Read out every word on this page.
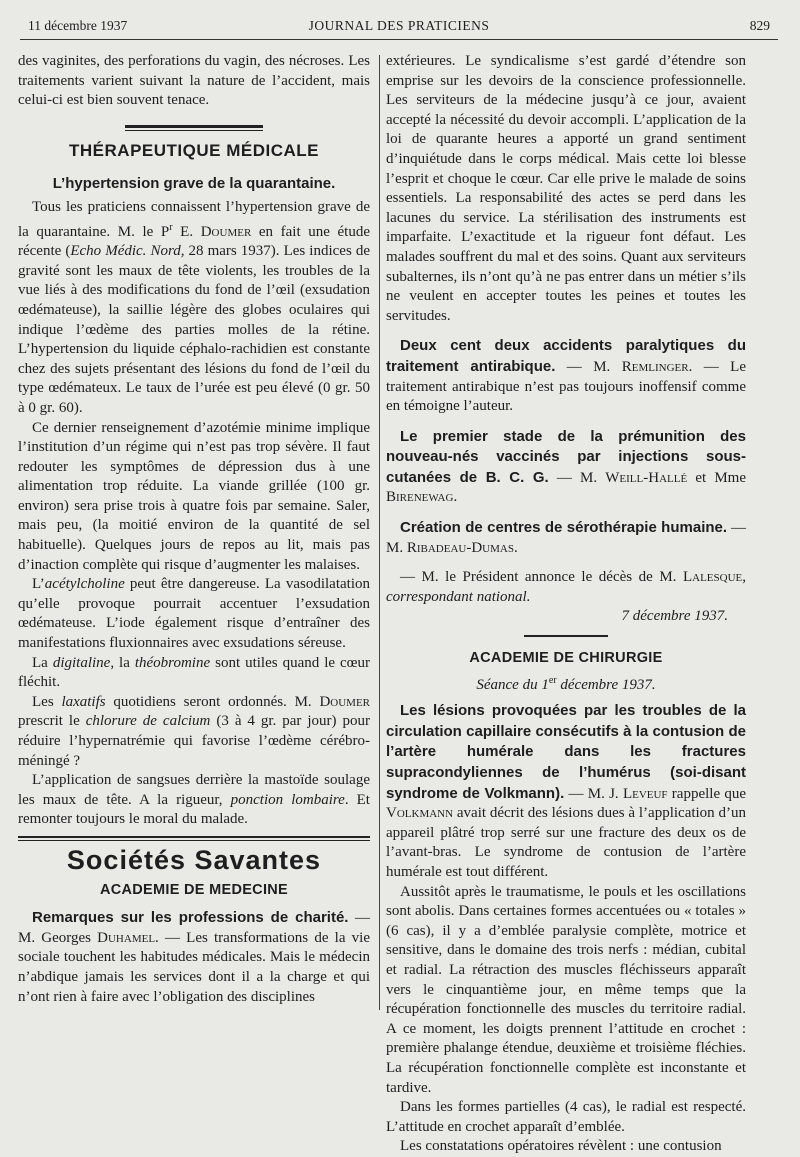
11 décembre 1937	JOURNAL DES PRATICIENS	829

des vaginites, des perforations du vagin, des nécroses. Les traitements varient suivant la nature de l’accident, mais celui-ci est bien souvent tenace.

THÉRAPEUTIQUE MÉDICALE

L’hypertension grave de la quarantaine.

Tous les praticiens connaissent l’hypertension grave de la quarantaine. M. le $P^r$ E. Doumer en fait une étude récente (Echo Médic. Nord, 28 mars 1937). Les indices de gravité sont les maux de tête violents, les troubles de la vue liés à des modifications du fond de l’œil (exsudation œdémateuse), la saillie légère des globes oculaires qui indique l’œdème des parties molles de la rétine. L’hypertension du liquide céphalo-rachidien est constante chez des sujets présentant des lésions du fond de l’œil du type œdémateux. Le taux de l’urée est peu élevé (0 gr. 50 à 0 gr. 60).

Ce dernier renseignement d’azotémie minime implique l’institution d’un régime qui n’est pas trop sévère. Il faut redouter les symptômes de dépression dus à une alimentation trop réduite. La viande grillée (100 gr. environ) sera prise trois à quatre fois par semaine. Saler, mais peu, (la moitié environ de la quantité de sel habituelle). Quelques jours de repos au lit, mais pas d’inaction complète qui risque d’augmenter les malaises.

L’acétylcholine peut être dangereuse. La vasodilatation qu’elle provoque pourrait accentuer l’exsudation œdémateuse. L’iode également risque d’entraîner des manifestations fluxionnaires avec exsudations séreuse.

La digitaline, la théobromine sont utiles quand le cœur fléchit.

Les laxatifs quotidiens seront ordonnés. M. Doumer prescrit le chlorure de calcium (3 à 4 gr. par jour) pour réduire l’hypernatrémie qui favorise l’œdème cérébro-méningé ?

L’application de sangsues derrière la mastoïde soulage les maux de tête. A la rigueur, ponction lombaire. Et remonter toujours le moral du malade.

Sociétés Savantes
ACADEMIE DE MEDECINE

Remarques sur les professions de charité. — M. Georges Duhamel. — Les transformations de la vie sociale touchent les habitudes médicales. Mais le médecin n’abdique jamais les services dont il a la charge et qui n’ont rien à faire avec l’obligation des disciplines

extérieures. Le syndicalisme s’est gardé d’étendre son emprise sur les devoirs de la conscience professionnelle. Les serviteurs de la médecine jusqu’à ce jour, avaient accepté la nécessité du devoir accompli. L’application de la loi de quarante heures a apporté un grand sentiment d’inquiétude dans le corps médical. Mais cette loi blesse l’esprit et choque le cœur. Car elle prive le malade de soins essentiels. La responsabilité des actes se perd dans les lacunes du service. La stérilisation des instruments est imparfaite. L’exactitude et la rigueur font défaut. Les malades souffrent du mal et des soins. Quant aux serviteurs subalternes, ils n’ont qu’à ne pas entrer dans un métier s’ils ne veulent en accepter toutes les peines et toutes les servitudes.

Deux cent deux accidents paralytiques du traitement antirabique. — M. Remlinger. — Le traitement antirabique n’est pas toujours inoffensif comme en témoigne l’auteur.

Le premier stade de la prémunition des nouveau-nés vaccinés par injections sous-cutanées de B. C. G. — M. Weill-Hallé et Mme Birenewag.

Création de centres de sérothérapie humaine. — M. Ribadeau-Dumas.

— M. le Président annonce le décès de M. Lalesque, correspondant national.

7 décembre 1937.

ACADEMIE DE CHIRURGIE

Séance du 1er décembre 1937.

Les lésions provoquées par les troubles de la circulation capillaire consécutifs à la contusion de l’artère humérale dans les fractures supracondyliennes de l’humérus (soi-disant syndrome de Volkmann). — M. J. Leveuf rappelle que Volkmann avait décrit des lésions dues à l’application d’un appareil plâtré trop serré sur une fracture des deux os de l’avant-bras. Le syndrome de contusion de l’artère humérale est tout différent.

Aussitôt après le traumatisme, le pouls et les oscillations sont abolis. Dans certaines formes accentuées ou « totales » (6 cas), il y a d’emblée paralysie complète, motrice et sensitive, dans le domaine des trois nerfs : médian, cubital et radial. La rétraction des muscles fléchisseurs apparaît vers le cinquantième jour, en même temps que la récupération fonctionnelle des muscles du territoire radial. A ce moment, les doigts prennent l’attitude en crochet : première phalange étendue, deuxième et troisième fléchies. La récupération fonctionnelle complète est inconstante et tardive.

Dans les formes partielles (4 cas), le radial est respecté. L’attitude en crochet apparaît d’emblée.

Les constatations opératoires révèlent : une contusion
